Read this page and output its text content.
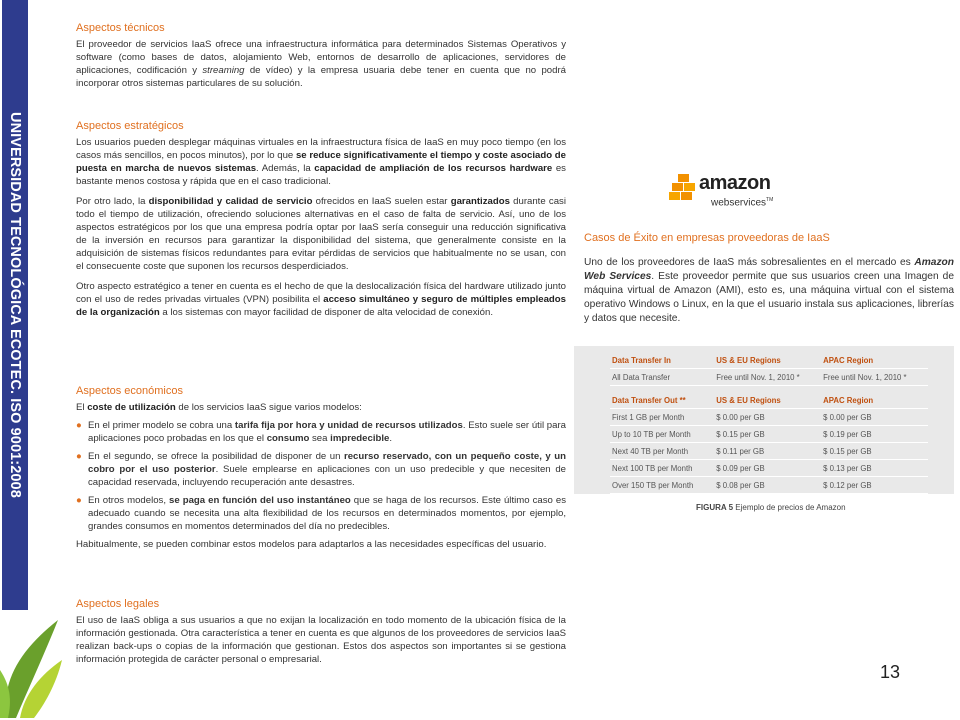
UNIVERSIDAD TECNOLÓGICA ECOTEC. ISO 9001:2008
Aspectos técnicos

El proveedor de servicios IaaS ofrece una infraestructura informática para determinados Sistemas Operativos y software (como bases de datos, alojamiento Web, entornos de desarrollo de aplicaciones, servidores de aplicaciones, codificación y streaming de vídeo) y la empresa usuaria debe tener en cuenta que no podrá incorporar otros sistemas particulares de su solución.

Aspectos estratégicos

Los usuarios pueden desplegar máquinas virtuales en la infraestructura física de IaaS en muy poco tiempo (en los casos más sencillos, en pocos minutos), por lo que se reduce significativamente el tiempo y coste asociado de puesta en marcha de nuevos sistemas. Además, la capacidad de ampliación de los recursos hardware es bastante menos costosa y rápida que en el caso tradicional.

Por otro lado, la disponibilidad y calidad de servicio ofrecidos en IaaS suelen estar garantizados durante casi todo el tiempo de utilización, ofreciendo soluciones alternativas en el caso de falta de servicio. Así, uno de los aspectos estratégicos por los que una empresa podría optar por IaaS sería conseguir una reducción significativa de la inversión en recursos para garantizar la disponibilidad del sistema, que generalmente consiste en la adquisición de sistemas físicos redundantes para evitar pérdidas de servicios que habitualmente no se usan, con el consecuente coste que suponen los recursos desperdiciados.

Otro aspecto estratégico a tener en cuenta es el hecho de que la deslocalización física del hardware utilizado junto con el uso de redes privadas virtuales (VPN) posibilita el acceso simultáneo y seguro de múltiples empleados de la organización a los sistemas con mayor facilidad de disponer de alta velocidad de conexión.

Aspectos económicos

El coste de utilización de los servicios IaaS sigue varios modelos:

● En el primer modelo se cobra una tarifa fija por hora y unidad de recursos utilizados. Esto suele ser útil para aplicaciones poco probadas en los que el consumo sea impredecible.
● En el segundo, se ofrece la posibilidad de disponer de un recurso reservado, con un pequeño coste, y un cobro por el uso posterior. Suele emplearse en aplicaciones con un uso predecible y que necesiten de capacidad reservada, incluyendo recuperación ante desastres.
● En otros modelos, se paga en función del uso instantáneo que se haga de los recursos. Este último caso es adecuado cuando se necesita una alta flexibilidad de los recursos en determinados momentos, por ejemplo, grandes consumos en momentos determinados del día no predecibles.

Habitualmente, se pueden combinar estos modelos para adaptarlos a las necesidades específicas del usuario.

Aspectos legales

El uso de IaaS obliga a sus usuarios a que no exijan la localización en todo momento de la ubicación física de la información gestionada. Otra característica a tener en cuenta es que algunos de los proveedores de servicios IaaS realizan back-ups o copias de la información que gestionan. Estos dos aspectos son importantes si se gestiona información protegida de carácter personal o empresarial.

amazon
webservices™
Casos de Éxito en empresas proveedoras de IaaS
Uno de los proveedores de IaaS más sobresalientes en el mercado es Amazon Web Services. Este proveedor permite que sus usuarios creen una Imagen de máquina virtual de Amazon (AMI), esto es, una máquina virtual con el sistema operativo Windows o Linux, en la que el usuario instala sus aplicaciones, librerías y datos que necesite.
Data Transfer In	US & EU Regions	APAC Region
All Data Transfer	Free until Nov. 1, 2010 *	Free until Nov. 1, 2010 *

Data Transfer Out **	US & EU Regions	APAC Region
First 1 GB per Month	$ 0.00 per GB	$ 0.00 per GB
Up to 10 TB per Month	$ 0.15 per GB	$ 0.19 per GB
Next 40 TB per Month	$ 0.11 per GB	$ 0.15 per GB
Next 100 TB per Month	$ 0.09 per GB	$ 0.13 per GB
Over 150 TB per Month	$ 0.08 per GB	$ 0.12 per GB
FIGURA 5 Ejemplo de precios de Amazon
13
